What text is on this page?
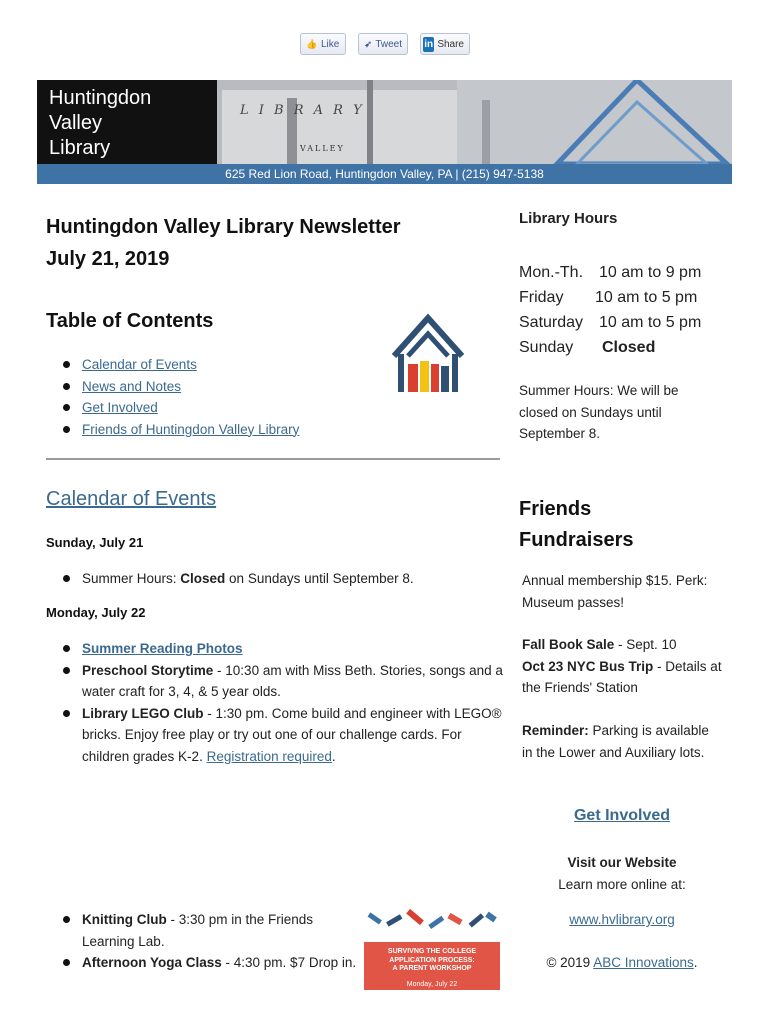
👍 Like	➶ Tweet in Share
Huntingdon
Valley
Library
L I B R A R Y
VALLEY
625 Red Lion Road, Huntingdon Valley, PA | (215) 947-5138
Huntingdon Valley Library Newsletter
July 21, 2019
Table of Contents
Calendar of Events
News and Notes
Get Involved
Friends of Huntingdon Valley Library
Calendar of Events
Sunday, July 21
Summer Hours: Closed on Sundays until September 8.
Monday, July 22
Summer Reading Photos
Preschool Storytime - 10:30 am with Miss Beth. Stories, songs and a water craft for 3, 4, & 5 year olds.
Library LEGO Club - 1:30 pm. Come build and engineer with LEGO® bricks. Enjoy free play or try out one of our challenge cards. For children grades K-2. Registration required.
Knitting Club - 3:30 pm in the Friends Learning Lab.
Afternoon Yoga Class - 4:30 pm. $7 Drop in.
SURVIVNG THE COLLEGE
APPLICATION PROCESS:
A PARENT WORKSHOP
Monday, July 22
Library Hours
Mon.-Th. 10 am to 9 pm
Friday 10 am to 5 pm
Saturday 10 am to 5 pm
Sunday Closed
Summer Hours: We will be closed on Sundays until September 8.
Friends
Fundraisers
Annual membership $15. Perk: Museum passes!
Fall Book Sale - Sept. 10
Oct 23 NYC Bus Trip - Details at the Friends' Station
Reminder: Parking is available in the Lower and Auxiliary lots.
Get Involved
Visit our Website
Learn more online at:
www.hvlibrary.org
© 2019 ABC Innovations.
